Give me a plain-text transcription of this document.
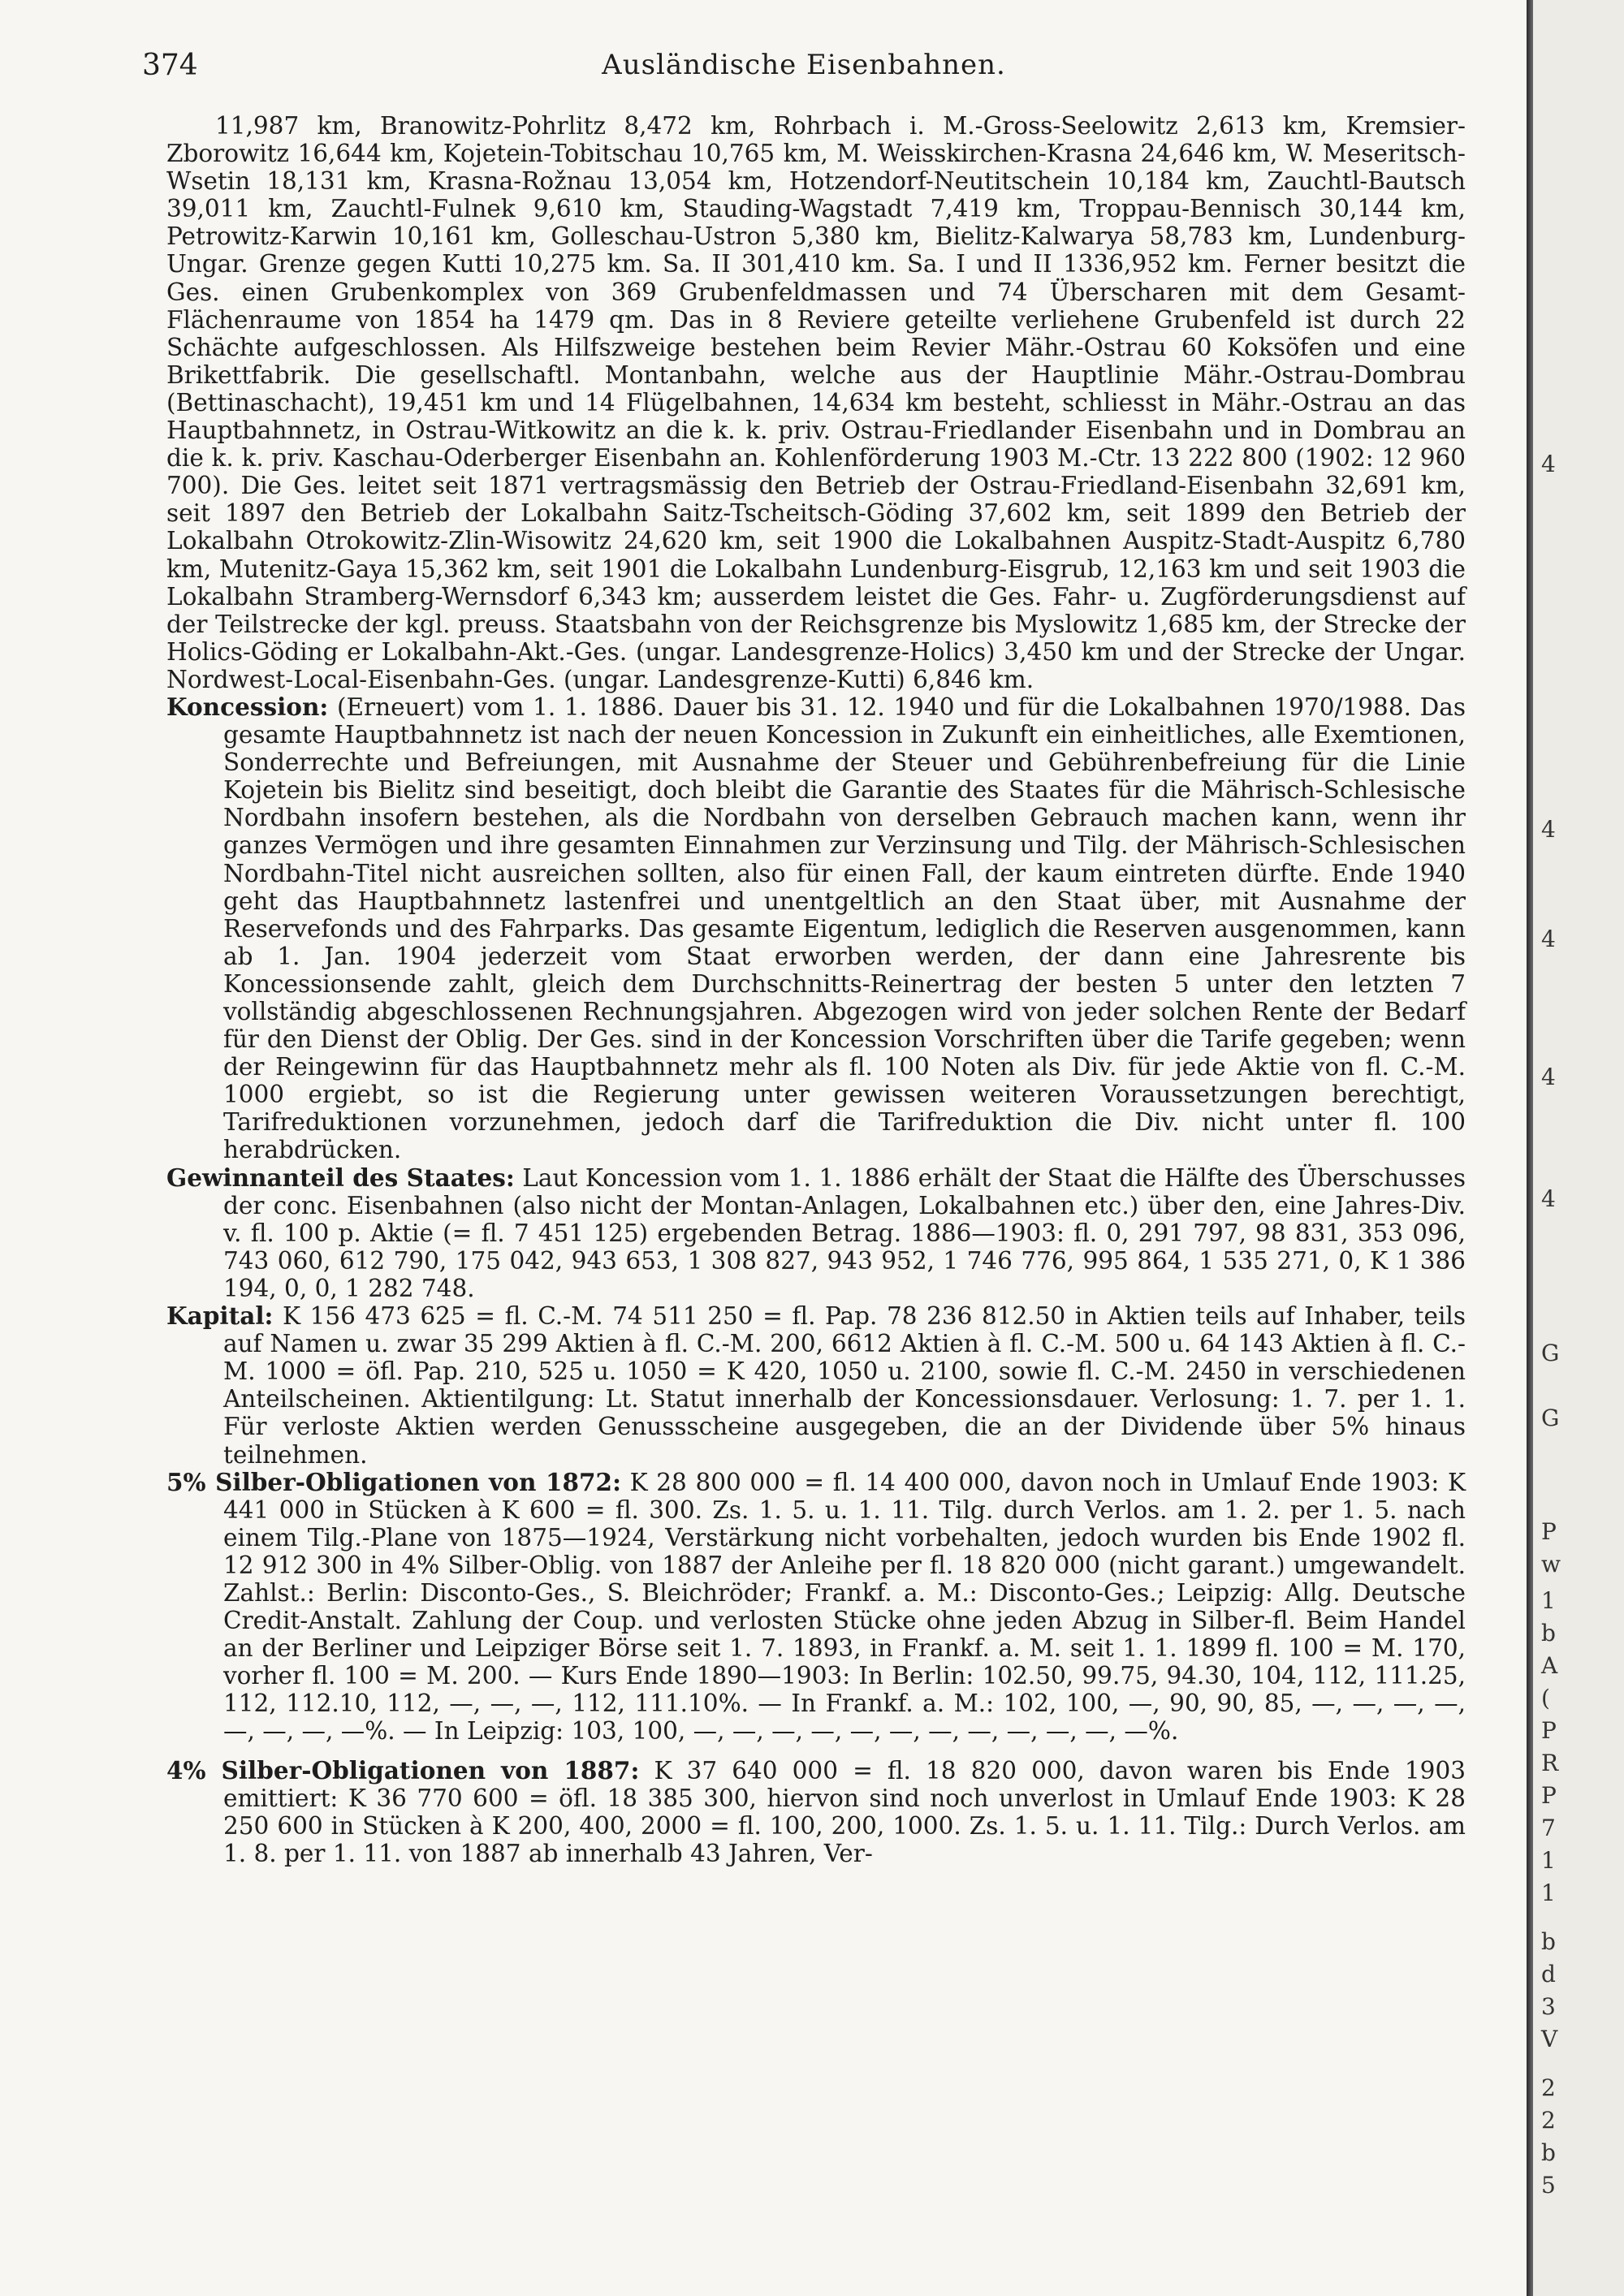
374	Ausländische Eisenbahnen.

11,987 km, Branowitz-Pohrlitz 8,472 km, Rohrbach i. M.-Gross-Seelowitz 2,613 km, Kremsier-Zborowitz 16,644 km, Kojetein-Tobitschau 10,765 km, M. Weisskirchen-Krasna 24,646 km, W. Meseritsch-Wsetin 18,131 km, Krasna-Rožnau 13,054 km, Hotzendorf-Neutitschein 10,184 km, Zauchtl-Bautsch 39,011 km, Zauchtl-Fulnek 9,610 km, Stauding-Wagstadt 7,419 km, Troppau-Bennisch 30,144 km, Petrowitz-Karwin 10,161 km, Golleschau-Ustron 5,380 km, Bielitz-Kalwarya 58,783 km, Lundenburg-Ungar. Grenze gegen Kutti 10,275 km. Sa. II 301,410 km. Sa. I und II 1336,952 km. Ferner besitzt die Ges. einen Grubenkomplex von 369 Grubenfeldmassen und 74 Überscharen mit dem Gesamt-Flächenraume von 1854 ha 1479 qm. Das in 8 Reviere geteilte verliehene Grubenfeld ist durch 22 Schächte aufgeschlossen. Als Hilfszweige bestehen beim Revier Mähr.-Ostrau 60 Koksöfen und eine Brikettfabrik. Die gesellschaftl. Montanbahn, welche aus der Hauptlinie Mähr.-Ostrau-Dombrau (Bettinaschacht), 19,451 km und 14 Flügelbahnen, 14,634 km besteht, schliesst in Mähr.-Ostrau an das Hauptbahnnetz, in Ostrau-Witkowitz an die k. k. priv. Ostrau-Friedlander Eisenbahn und in Dombrau an die k. k. priv. Kaschau-Oderberger Eisenbahn an. Kohlenförderung 1903 M.-Ctr. 13 222 800 (1902: 12 960 700). Die Ges. leitet seit 1871 vertragsmässig den Betrieb der Ostrau-Friedland-Eisenbahn 32,691 km, seit 1897 den Betrieb der Lokalbahn Saitz-Tscheitsch-Göding 37,602 km, seit 1899 den Betrieb der Lokalbahn Otrokowitz-Zlin-Wisowitz 24,620 km, seit 1900 die Lokalbahnen Auspitz-Stadt-Auspitz 6,780 km, Mutenitz-Gaya 15,362 km, seit 1901 die Lokalbahn Lundenburg-Eisgrub, 12,163 km und seit 1903 die Lokalbahn Stramberg-Wernsdorf 6,343 km; ausserdem leistet die Ges. Fahr- u. Zugförderungsdienst auf der Teilstrecke der kgl. preuss. Staatsbahn von der Reichsgrenze bis Myslowitz 1,685 km, der Strecke der Holics-Göding er Lokalbahn-Akt.-Ges. (ungar. Landesgrenze-Holics) 3,450 km und der Strecke der Ungar. Nordwest-Local-Eisenbahn-Ges. (ungar. Landesgrenze-Kutti) 6,846 km.

Koncession: (Erneuert) vom 1. 1. 1886. Dauer bis 31. 12. 1940 und für die Lokalbahnen 1970/1988. Das gesamte Hauptbahnnetz ist nach der neuen Koncession in Zukunft ein einheitliches, alle Exemtionen, Sonderrechte und Befreiungen, mit Ausnahme der Steuer und Gebührenbefreiung für die Linie Kojetein bis Bielitz sind beseitigt, doch bleibt die Garantie des Staates für die Mährisch-Schlesische Nordbahn insofern bestehen, als die Nordbahn von derselben Gebrauch machen kann, wenn ihr ganzes Vermögen und ihre gesamten Einnahmen zur Verzinsung und Tilg. der Mährisch-Schlesischen Nordbahn-Titel nicht ausreichen sollten, also für einen Fall, der kaum eintreten dürfte. Ende 1940 geht das Hauptbahnnetz lastenfrei und unentgeltlich an den Staat über, mit Ausnahme der Reservefonds und des Fahrparks. Das gesamte Eigentum, lediglich die Reserven ausgenommen, kann ab 1. Jan. 1904 jederzeit vom Staat erworben werden, der dann eine Jahresrente bis Koncessionsende zahlt, gleich dem Durchschnitts-Reinertrag der besten 5 unter den letzten 7 vollständig abgeschlossenen Rechnungsjahren. Abgezogen wird von jeder solchen Rente der Bedarf für den Dienst der Oblig. Der Ges. sind in der Koncession Vorschriften über die Tarife gegeben; wenn der Reingewinn für das Hauptbahnnetz mehr als fl. 100 Noten als Div. für jede Aktie von fl. C.-M. 1000 ergiebt, so ist die Regierung unter gewissen weiteren Voraussetzungen berechtigt, Tarifreduktionen vorzunehmen, jedoch darf die Tarifreduktion die Div. nicht unter fl. 100 herabdrücken.

Gewinnanteil des Staates: Laut Koncession vom 1. 1. 1886 erhält der Staat die Hälfte des Überschusses der conc. Eisenbahnen (also nicht der Montan-Anlagen, Lokalbahnen etc.) über den, eine Jahres-Div. v. fl. 100 p. Aktie (= fl. 7 451 125) ergebenden Betrag. 1886—1903: fl. 0, 291 797, 98 831, 353 096, 743 060, 612 790, 175 042, 943 653, 1 308 827, 943 952, 1 746 776, 995 864, 1 535 271, 0, K 1 386 194, 0, 0, 1 282 748.

Kapital: K 156 473 625 = fl. C.-M. 74 511 250 = fl. Pap. 78 236 812.50 in Aktien teils auf Inhaber, teils auf Namen u. zwar 35 299 Aktien à fl. C.-M. 200, 6612 Aktien à fl. C.-M. 500 u. 64 143 Aktien à fl. C.-M. 1000 = öfl. Pap. 210, 525 u. 1050 = K 420, 1050 u. 2100, sowie fl. C.-M. 2450 in verschiedenen Anteilscheinen. Aktientilgung: Lt. Statut innerhalb der Koncessionsdauer. Verlosung: 1. 7. per 1. 1. Für verloste Aktien werden Genussscheine ausgegeben, die an der Dividende über 5% hinaus teilnehmen.

5% Silber-Obligationen von 1872: K 28 800 000 = fl. 14 400 000, davon noch in Umlauf Ende 1903: K 441 000 in Stücken à K 600 = fl. 300. Zs. 1. 5. u. 1. 11. Tilg. durch Verlos. am 1. 2. per 1. 5. nach einem Tilg.-Plane von 1875—1924, Verstärkung nicht vorbehalten, jedoch wurden bis Ende 1902 fl. 12 912 300 in 4% Silber-Oblig. von 1887 der Anleihe per fl. 18 820 000 (nicht garant.) umgewandelt. Zahlst.: Berlin: Disconto-Ges., S. Bleichröder; Frankf. a. M.: Disconto-Ges.; Leipzig: Allg. Deutsche Credit-Anstalt. Zahlung der Coup. und verlosten Stücke ohne jeden Abzug in Silber-fl. Beim Handel an der Berliner und Leipziger Börse seit 1. 7. 1893, in Frankf. a. M. seit 1. 1. 1899 fl. 100 = M. 170, vorher fl. 100 = M. 200. — Kurs Ende 1890—1903: In Berlin: 102.50, 99.75, 94.30, 104, 112, 111.25, 112, 112.10, 112, —, —, —, 112, 111.10%. — In Frankf. a. M.: 102, 100, —, 90, 90, 85, —, —, —, —, —, —, —, —%. — In Leipzig: 103, 100, —, —, —, —, —, —, —, —, —, —, —, —%.

4% Silber-Obligationen von 1887: K 37 640 000 = fl. 18 820 000, davon waren bis Ende 1903 emittiert: K 36 770 600 = öfl. 18 385 300, hiervon sind noch unverlost in Umlauf Ende 1903: K 28 250 600 in Stücken à K 200, 400, 2000 = fl. 100, 200, 1000. Zs. 1. 5. u. 1. 11. Tilg.: Durch Verlos. am 1. 8. per 1. 11. von 1887 ab innerhalb 43 Jahren, Ver-

4
4
4
4
4
G
G
P
w
1
b
A
(
P
R
P
7
1
1
b
d
3
V
2
2
b
5
